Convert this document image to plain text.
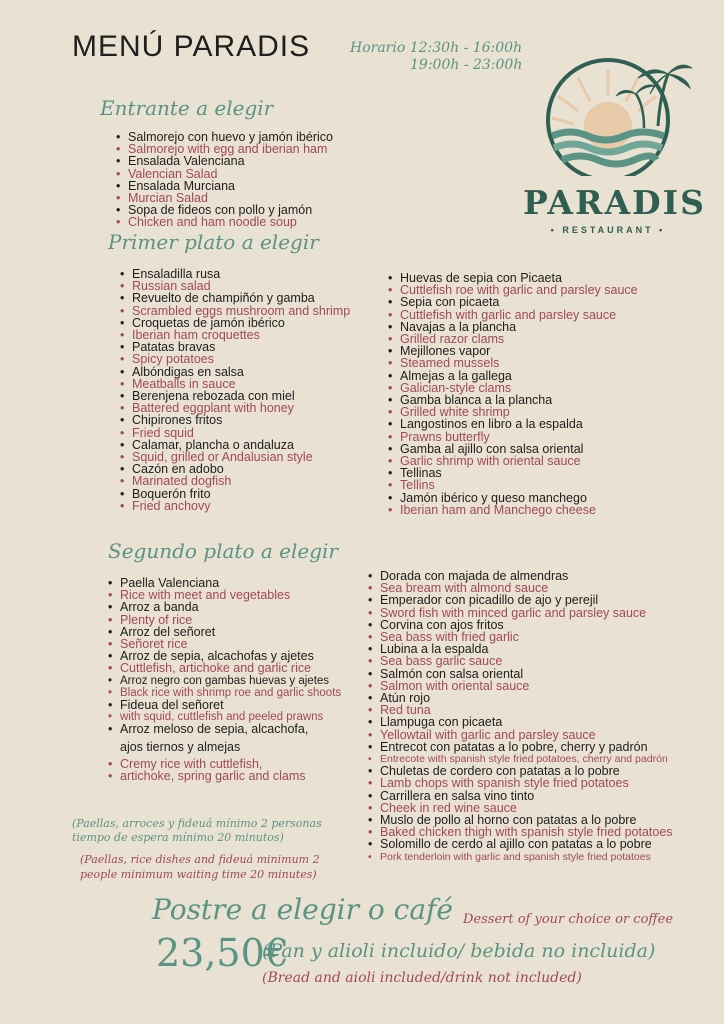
MENÚ PARADIS	Horario 12:30h - 16:00h
19:00h - 23:00h
PARADIS
• RESTAURANT •
Entrante a elegir
• Salmorejo con huevo y jamón ibérico
• Salmorejo with egg and iberian ham
• Ensalada Valenciana
• Valencian Salad
• Ensalada Murciana
• Murcian Salad
• Sopa de fideos con pollo y jamón
• Chicken and ham noodle soup
Primer plato a elegir
• Ensaladilla rusa
• Russian salad
• Revuelto de champiñón y gamba
• Scrambled eggs mushroom and shrimp
• Croquetas de jamón ibérico
• Iberian ham croquettes
• Patatas bravas
• Spicy potatoes
• Albóndigas en salsa
• Meatballs in sauce
• Berenjena rebozada con miel
• Battered eggplant with honey
• Chipirones fritos
• Fried squid
• Calamar, plancha o andaluza
• Squid, grilled or Andalusian style
• Cazón en adobo
• Marinated dogfish
• Boquerón frito
• Fried anchovy
• Huevas de sepia con Picaeta
• Cuttlefish roe with garlic and parsley sauce
• Sepia con picaeta
• Cuttlefish with garlic and parsley sauce
• Navajas a la plancha
• Grilled razor clams
• Mejillones vapor
• Steamed mussels
• Almejas a la gallega
• Galician-style clams
• Gamba blanca a la plancha
• Grilled white shrimp
• Langostinos en libro a la espalda
• Prawns butterfly
• Gamba al ajillo con salsa oriental
• Garlic shrimp with oriental sauce
• Tellinas
• Tellins
• Jamón ibérico y queso manchego
• Iberian ham and Manchego cheese
Segundo plato a elegir
• Paella Valenciana
• Rice with meet and vegetables
• Arroz a banda
• Plenty of rice
• Arroz del señoret
• Señoret rice
• Arroz de sepia, alcachofas y ajetes
• Cuttlefish, artichoke and garlic rice
• Arroz negro con gambas huevas y ajetes
• Black rice with shrimp roe and garlic shoots
• Fideua del señoret
• with squid, cuttlefish and peeled prawns
• Arroz meloso de sepia, alcachofa,
ajos tiernos y almejas
• Cremy rice with cuttlefish,
• artichoke, spring garlic and clams
• Dorada con majada de almendras
• Sea bream with almond sauce
• Emperador con picadillo de ajo y perejil
• Sword fish with minced garlic and parsley sauce
• Corvina con ajos fritos
• Sea bass with fried garlic
• Lubina a la espalda
• Sea bass garlic sauce
• Salmón con salsa oriental
• Salmon with oriental sauce
• Atún rojo
• Red tuna
• Llampuga con picaeta
• Yellowtail with garlic and parsley sauce
• Entrecot con patatas a lo pobre, cherry y padrón
• Entrecote with spanish style fried potatoes, cherry and padrón
• Chuletas de cordero con patatas a lo pobre
• Lamb chops with spanish style fried potatoes
• Carrillera en salsa vino tinto
• Cheek in red wine sauce
• Muslo de pollo al horno con patatas a lo pobre
• Baked chicken thigh with spanish style fried potatoes
• Solomillo de cerdo al ajillo con patatas a lo pobre
• Pork tenderloin with garlic and spanish style fried potatoes
(Paellas, arroces y fideuá mínimo 2 personas
tiempo de espera mínimo 20 minutos)
(Paellas, rice dishes and fideuá minimum 2
people minimum waiting time 20 minutes)
Postre a elegir o café Dessert of your choice or coffee
23,50€
(Pan y alioli incluido/ bebida no incluida)
(Bread and aioli included/drink not included)
